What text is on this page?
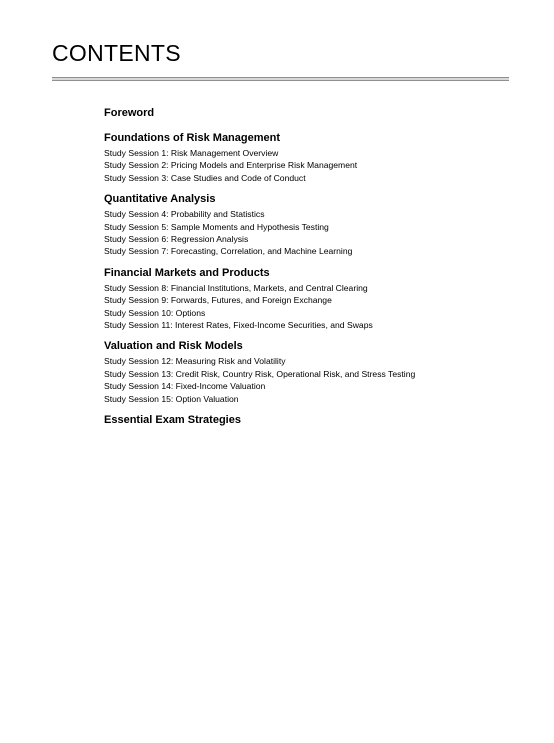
CONTENTS
Foreword
Foundations of Risk Management
Study Session 1: Risk Management Overview
Study Session 2: Pricing Models and Enterprise Risk Management
Study Session 3: Case Studies and Code of Conduct
Quantitative Analysis
Study Session 4: Probability and Statistics
Study Session 5: Sample Moments and Hypothesis Testing
Study Session 6: Regression Analysis
Study Session 7: Forecasting, Correlation, and Machine Learning
Financial Markets and Products
Study Session 8: Financial Institutions, Markets, and Central Clearing
Study Session 9: Forwards, Futures, and Foreign Exchange
Study Session 10: Options
Study Session 11: Interest Rates, Fixed-Income Securities, and Swaps
Valuation and Risk Models
Study Session 12: Measuring Risk and Volatility
Study Session 13: Credit Risk, Country Risk, Operational Risk, and Stress Testing
Study Session 14: Fixed-Income Valuation
Study Session 15: Option Valuation
Essential Exam Strategies
